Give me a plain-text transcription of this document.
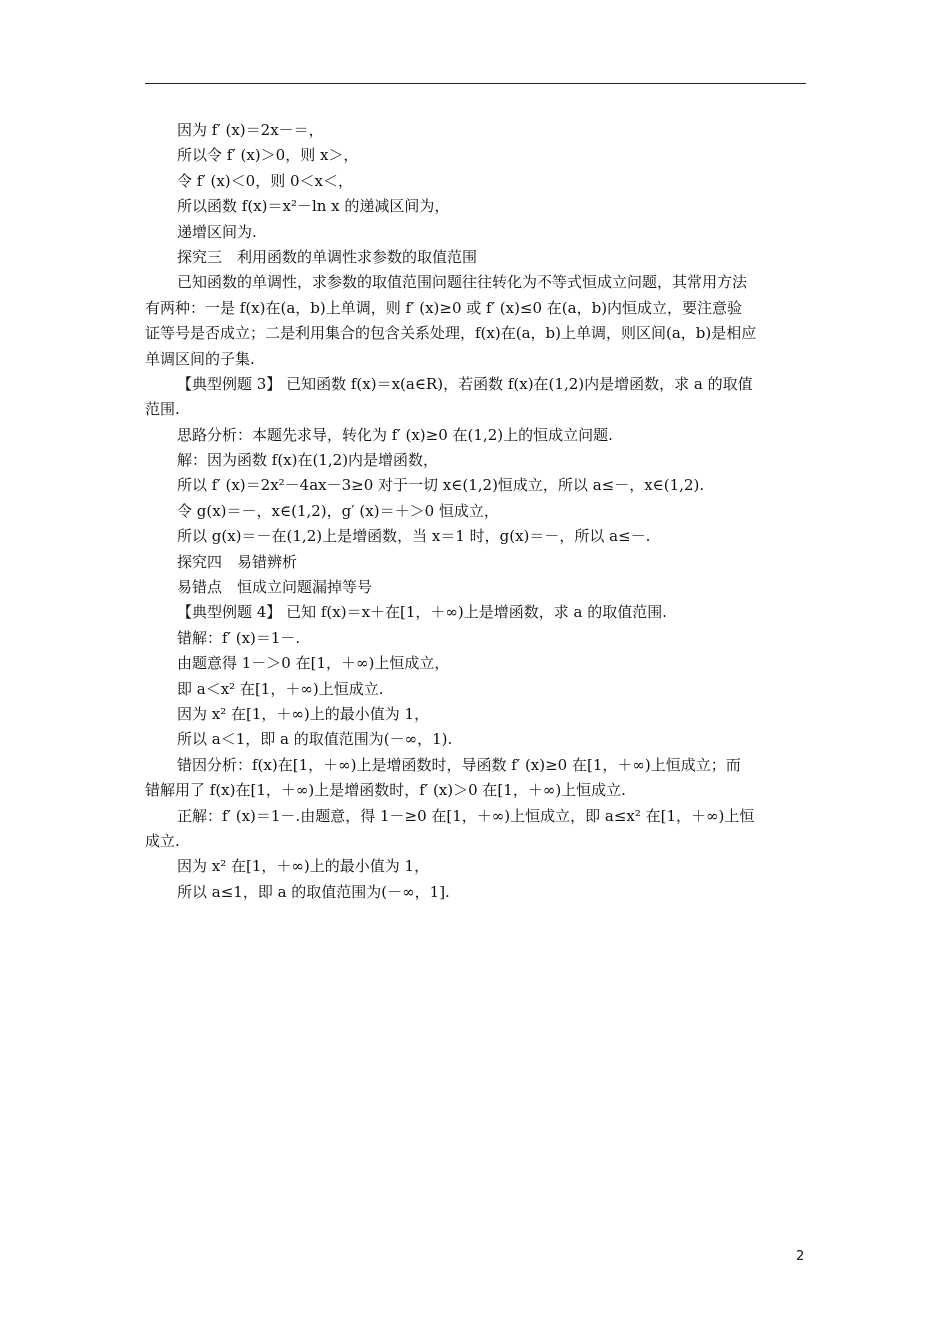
因为 f′ (x)＝2x－＝，
所以令 f′ (x)＞0，则 x＞，
令 f′ (x)＜0，则 0＜x＜，
所以函数 f(x)＝x²－ln x 的递减区间为，
递增区间为.
探究三　利用函数的单调性求参数的取值范围
已知函数的单调性，求参数的取值范围问题往往转化为不等式恒成立问题，其常用方法
有两种：一是 f(x)在(a，b)上单调，则 f′ (x)≥0 或 f′ (x)≤0 在(a，b)内恒成立，要注意验
证等号是否成立；二是利用集合的包含关系处理，f(x)在(a，b)上单调，则区间(a，b)是相应
单调区间的子集.
【典型例题 3】 已知函数 f(x)＝x(a∈R)，若函数 f(x)在(1,2)内是增函数，求 a 的取值
范围.
思路分析：本题先求导，转化为 f′ (x)≥0 在(1,2)上的恒成立问题.
解：因为函数 f(x)在(1,2)内是增函数，
所以 f′ (x)＝2x²－4ax－3≥0 对于一切 x∈(1,2)恒成立，所以 a≤－，x∈(1,2).
令 g(x)＝－，x∈(1,2)，g′ (x)＝＋＞0 恒成立，
所以 g(x)＝－在(1,2)上是增函数，当 x＝1 时，g(x)＝－，所以 a≤－.
探究四　易错辨析
易错点　恒成立问题漏掉等号
【典型例题 4】 已知 f(x)＝x＋在[1，＋∞)上是增函数，求 a 的取值范围.
错解：f′ (x)＝1－.
由题意得 1－＞0 在[1，＋∞)上恒成立，
即 a＜x² 在[1，＋∞)上恒成立.
因为 x² 在[1，＋∞)上的最小值为 1，
所以 a＜1，即 a 的取值范围为(－∞，1).
错因分析：f(x)在[1，＋∞)上是增函数时，导函数 f′ (x)≥0 在[1，＋∞)上恒成立；而
错解用了 f(x)在[1，＋∞)上是增函数时，f′ (x)＞0 在[1，＋∞)上恒成立.
正解：f′ (x)＝1－.由题意，得 1－≥0 在[1，＋∞)上恒成立，即 a≤x² 在[1，＋∞)上恒
成立.
因为 x² 在[1，＋∞)上的最小值为 1，
所以 a≤1，即 a 的取值范围为(－∞，1].
2
